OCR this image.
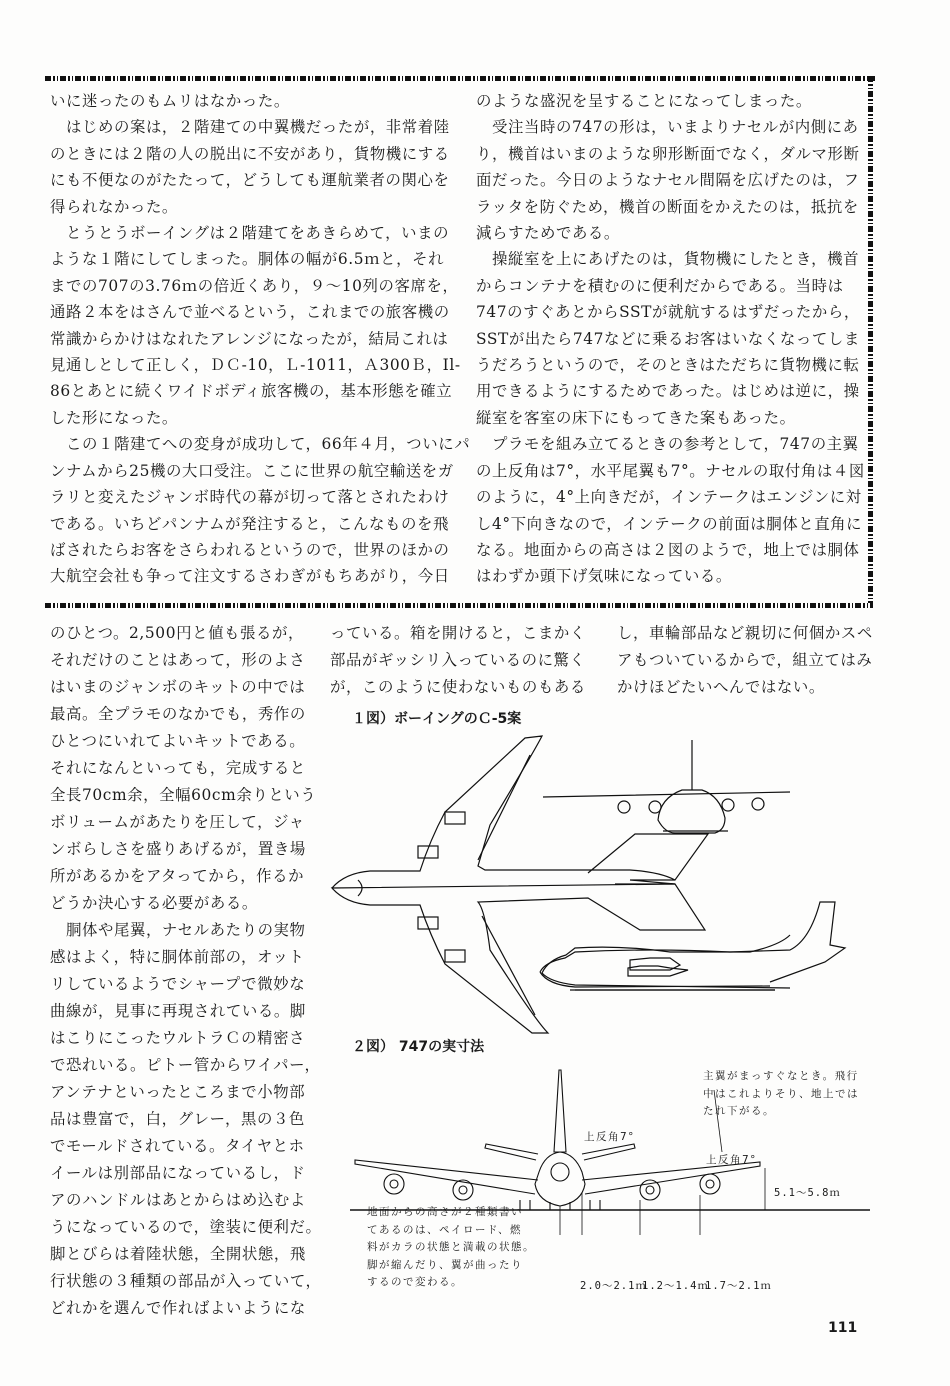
いに迷ったのもムリはなかった。
　はじめの案は，２階建ての中翼機だったが，非常着陸
のときには２階の人の脱出に不安があり，貨物機にする
にも不便なのがたたって，どうしても運航業者の関心を
得られなかった。
　とうとうボーイングは２階建てをあきらめて，いまの
ような１階にしてしまった。胴体の幅が6.5ｍと，それ
までの707の3.76ｍの倍近くあり，９～10列の客席を，
通路２本をはさんで並べるという，これまでの旅客機の
常識からかけはなれたアレンジになったが，結局これは
見通しとして正しく，ＤＣ-10，Ｌ-1011，Ａ300Ｂ，Il-
86とあとに続くワイドボディ旅客機の，基本形態を確立
した形になった。
　この１階建てへの変身が成功して，66年４月，ついにパ
ンナムから25機の大口受注。ここに世界の航空輸送をガ
ラリと変えたジャンボ時代の幕が切って落とされたわけ
である。いちどパンナムが発注すると，こんなものを飛
ばされたらお客をさらわれるというので，世界のほかの
大航空会社も争って注文するさわぎがもちあがり，今日
のような盛況を呈することになってしまった。
　受注当時の747の形は，いまよりナセルが内側にあ
り，機首はいまのような卵形断面でなく，ダルマ形断
面だった。今日のようなナセル間隔を広げたのは，フ
ラッタを防ぐため，機首の断面をかえたのは，抵抗を
減らすためである。
　操縦室を上にあげたのは，貨物機にしたとき，機首
からコンテナを積むのに便利だからである。当時は
747のすぐあとからSSTが就航するはずだったから，
SSTが出たら747などに乗るお客はいなくなってしま
うだろうというので，そのときはただちに貨物機に転
用できるようにするためであった。はじめは逆に，操
縦室を客室の床下にもってきた案もあった。
　プラモを組み立てるときの参考として，747の主翼
の上反角は7°，水平尾翼も7°。ナセルの取付角は４図
のように，4°上向きだが，インテークはエンジンに対
し4°下向きなので，インテークの前面は胴体と直角に
なる。地面からの高さは２図のようで，地上では胴体
はわずか頭下げ気味になっている。
のひとつ。2,500円と値も張るが，
それだけのことはあって，形のよさ
はいまのジャンボのキットの中では
最高。全プラモのなかでも，秀作の
ひとつにいれてよいキットである。
それになんといっても，完成すると
全長70cm余，全幅60cm余りという
ボリュームがあたりを圧して，ジャ
ンボらしさを盛りあげるが，置き場
所があるかをアタってから，作るか
どうか決心する必要がある。
　胴体や尾翼，ナセルあたりの実物
感はよく，特に胴体前部の，オット
リしているようでシャープで微妙な
曲線が，見事に再現されている。脚
はこりにこったウルトラＣの精密さ
で恐れいる。ピトー管からワイパー，
アンテナといったところまで小物部
品は豊富で，白，グレー，黒の３色
でモールドされている。タイヤとホ
イールは別部品になっているし，ド
アのハンドルはあとからはめ込むよ
うになっているので，塗装に便利だ。
脚とびらは着陸状態，全開状態，飛
行状態の３種類の部品が入っていて，
どれかを選んで作ればよいようにな
っている。箱を開けると，こまかく
部品がギッシリ入っているのに驚く
が，このように使わないものもある
し，車輪部品など親切に何個かスペ
アもついているからで，組立てはみ
かけほどたいへんではない。
１図）ボーイングのＣ-5案
２図） 747の実寸法
上反角7°
上反角7°
主翼がまっすぐなとき。飛行
中はこれよりそり、地上では
たれ下がる。
地面からの高さが２種類書い
てあるのは、ペイロード、燃
料がカラの状態と満載の状態。
脚が縮んだり、翼が曲ったり
するので変わる。
5.1～5.8ｍ
2.0～2.1ｍ
1.2～1.4ｍ
1.7～2.1ｍ
111
